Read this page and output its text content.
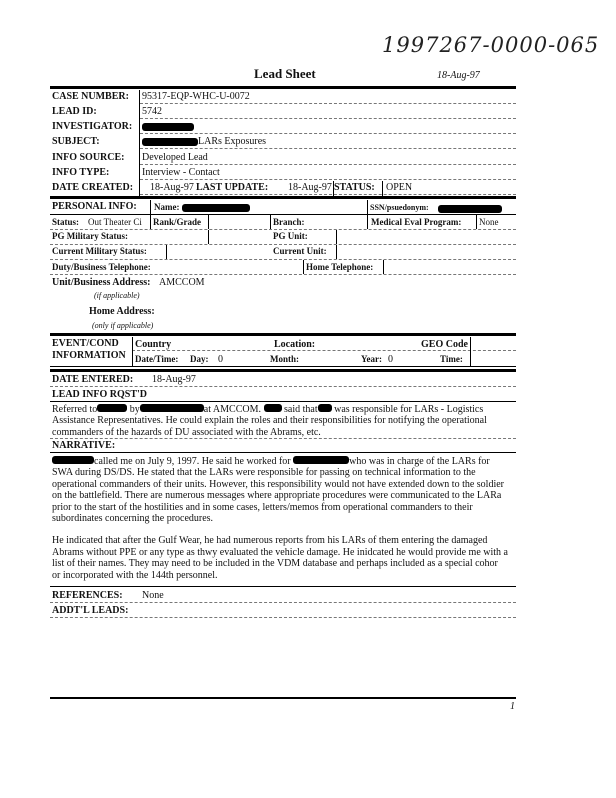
1997267-0000-065
Lead Sheet	18-Aug-97
CASE NUMBER: 95317-EQP-WHC-U-0072
LEAD ID:	5742
INVESTIGATOR:
SUBJECT:	LARs Exposures
INFO SOURCE: Developed Lead
INFO TYPE:	Interview - Contact
DATE CREATED: 18-Aug-97 LAST UPDATE: 18-Aug-97 STATUS: OPEN
PERSONAL INFO: Name:	SSN/psuedonym:
Status: Out Theater Ci Rank/Grade	Branch:	Medical Eval Program: None
PG Military Status:	PG Unit:
Current Military Status:	Current Unit:
Duty/Business Telephone:	Home Telephone:
Unit/Business Address: AMCCOM
(if applicable)
Home Address:
(only if applicable)
EVENT/COND
INFORMATION
Country	Location:	GEO Code
Date/Time: Day: 0	Month:	Year: 0	Time:
DATE ENTERED: 18-Aug-97
LEAD INFO RQST'D
Referred to	by	at AMCCOM. said that was responsible for LARs - Logistics
Assistance Representatives. He could explain the roles and their responsibilities for notifying the operational
commanders of the hazards of DU associated with the Abrams, etc.
NARRATIVE:
called me on July 9, 1997. He said he worked for	who was in charge of the LARs for
SWA during DS/DS. He stated that the LARs were responsible for passing on technical information to the
operational commanders of their units. However, this responsibility would not have extended down to the soldier
on the battlefield. There are numerous messages where appropriate procedures were communicated to the LARa
prior to the start of the hostilities and in some cases, letters/memos from operational commanders to their
subordinates concerning the procedures.
He indicated that after the Gulf Wear, he had numerous reports from his LARs of them entering the damaged
Abrams without PPE or any type as thwy evaluated the vehicle damage. He inidcated he would provide me with a
list of their names. They may need to be included in the VDM database and perhaps included as a special cohor
or incorporated with the 144th personnel.
REFERENCES: None
ADDT'L LEADS:
1
